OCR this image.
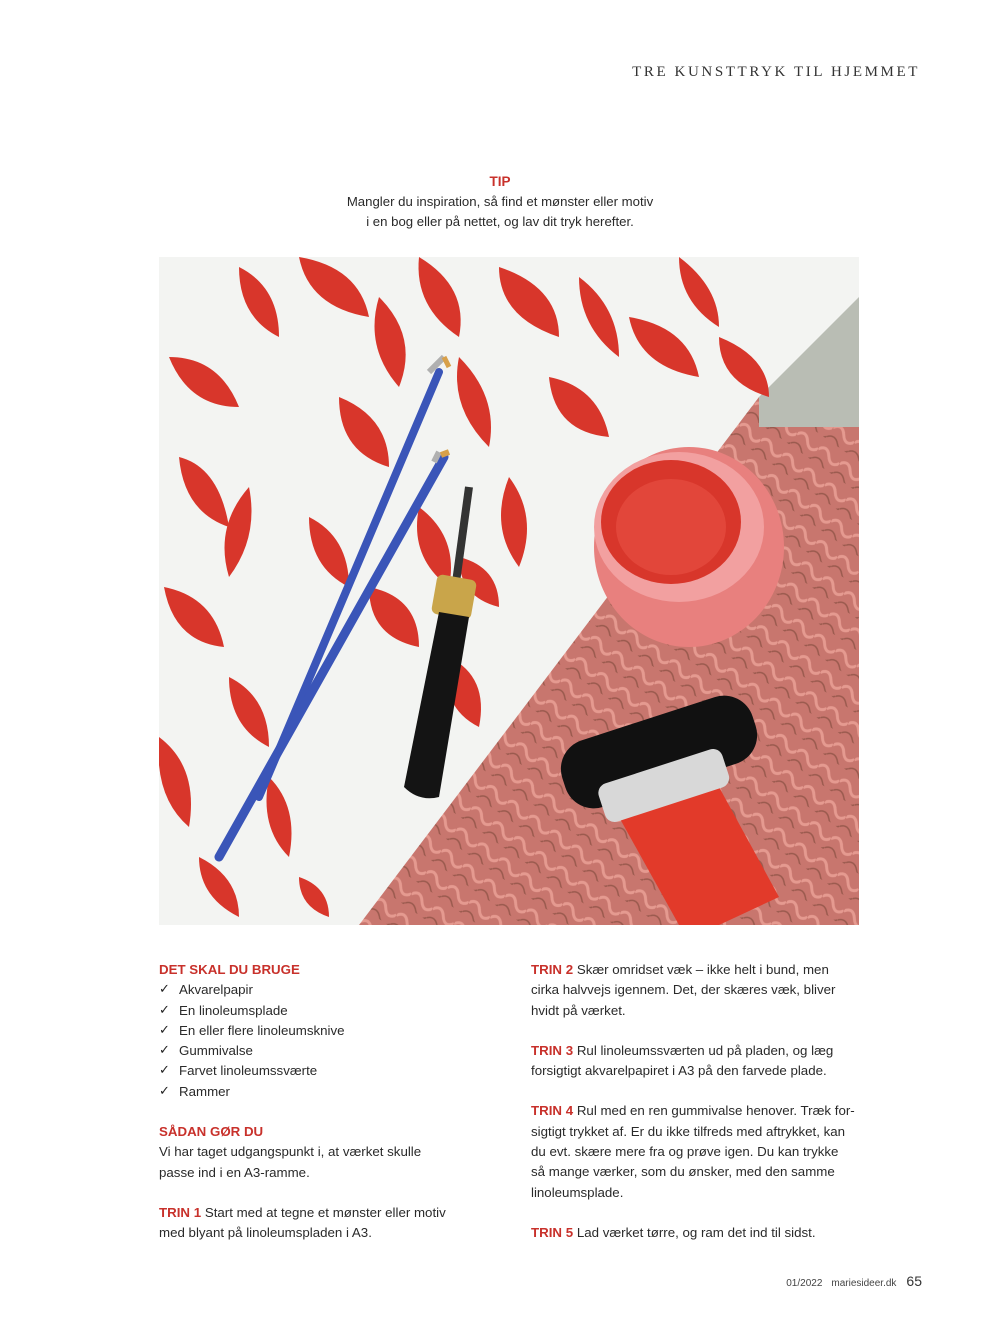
TRE KUNSTTRYK TIL HJEMMET
TIP
Mangler du inspiration, så find et mønster eller motiv
i en bog eller på nettet, og lav dit tryk herefter.
DET SKAL DU BRUGE
✓ Akvarelpapir
✓ En linoleumsplade
✓ En eller flere linoleumsknive
✓ Gummivalse
✓ Farvet linoleumssværte
✓ Rammer
SÅDAN GØR DU
Vi har taget udgangspunkt i, at værket skulle
passe ind i en A3-ramme.
TRIN 1 Start med at tegne et mønster eller motiv
med blyant på linoleumspladen i A3.
TRIN 2 Skær omridset væk – ikke helt i bund, men
cirka halvvejs igennem. Det, der skæres væk, bliver
hvidt på værket.
TRIN 3 Rul linoleumssværten ud på pladen, og læg
forsigtigt akvarelpapiret i A3 på den farvede plade.
TRIN 4 Rul med en ren gummivalse henover. Træk for-
sigtigt trykket af. Er du ikke tilfreds med aftrykket, kan
du evt. skære mere fra og prøve igen. Du kan trykke
så mange værker, som du ønsker, med den samme
linoleumsplade.
TRIN 5 Lad værket tørre, og ram det ind til sidst.
01/2022 mariesideer.dk 65
